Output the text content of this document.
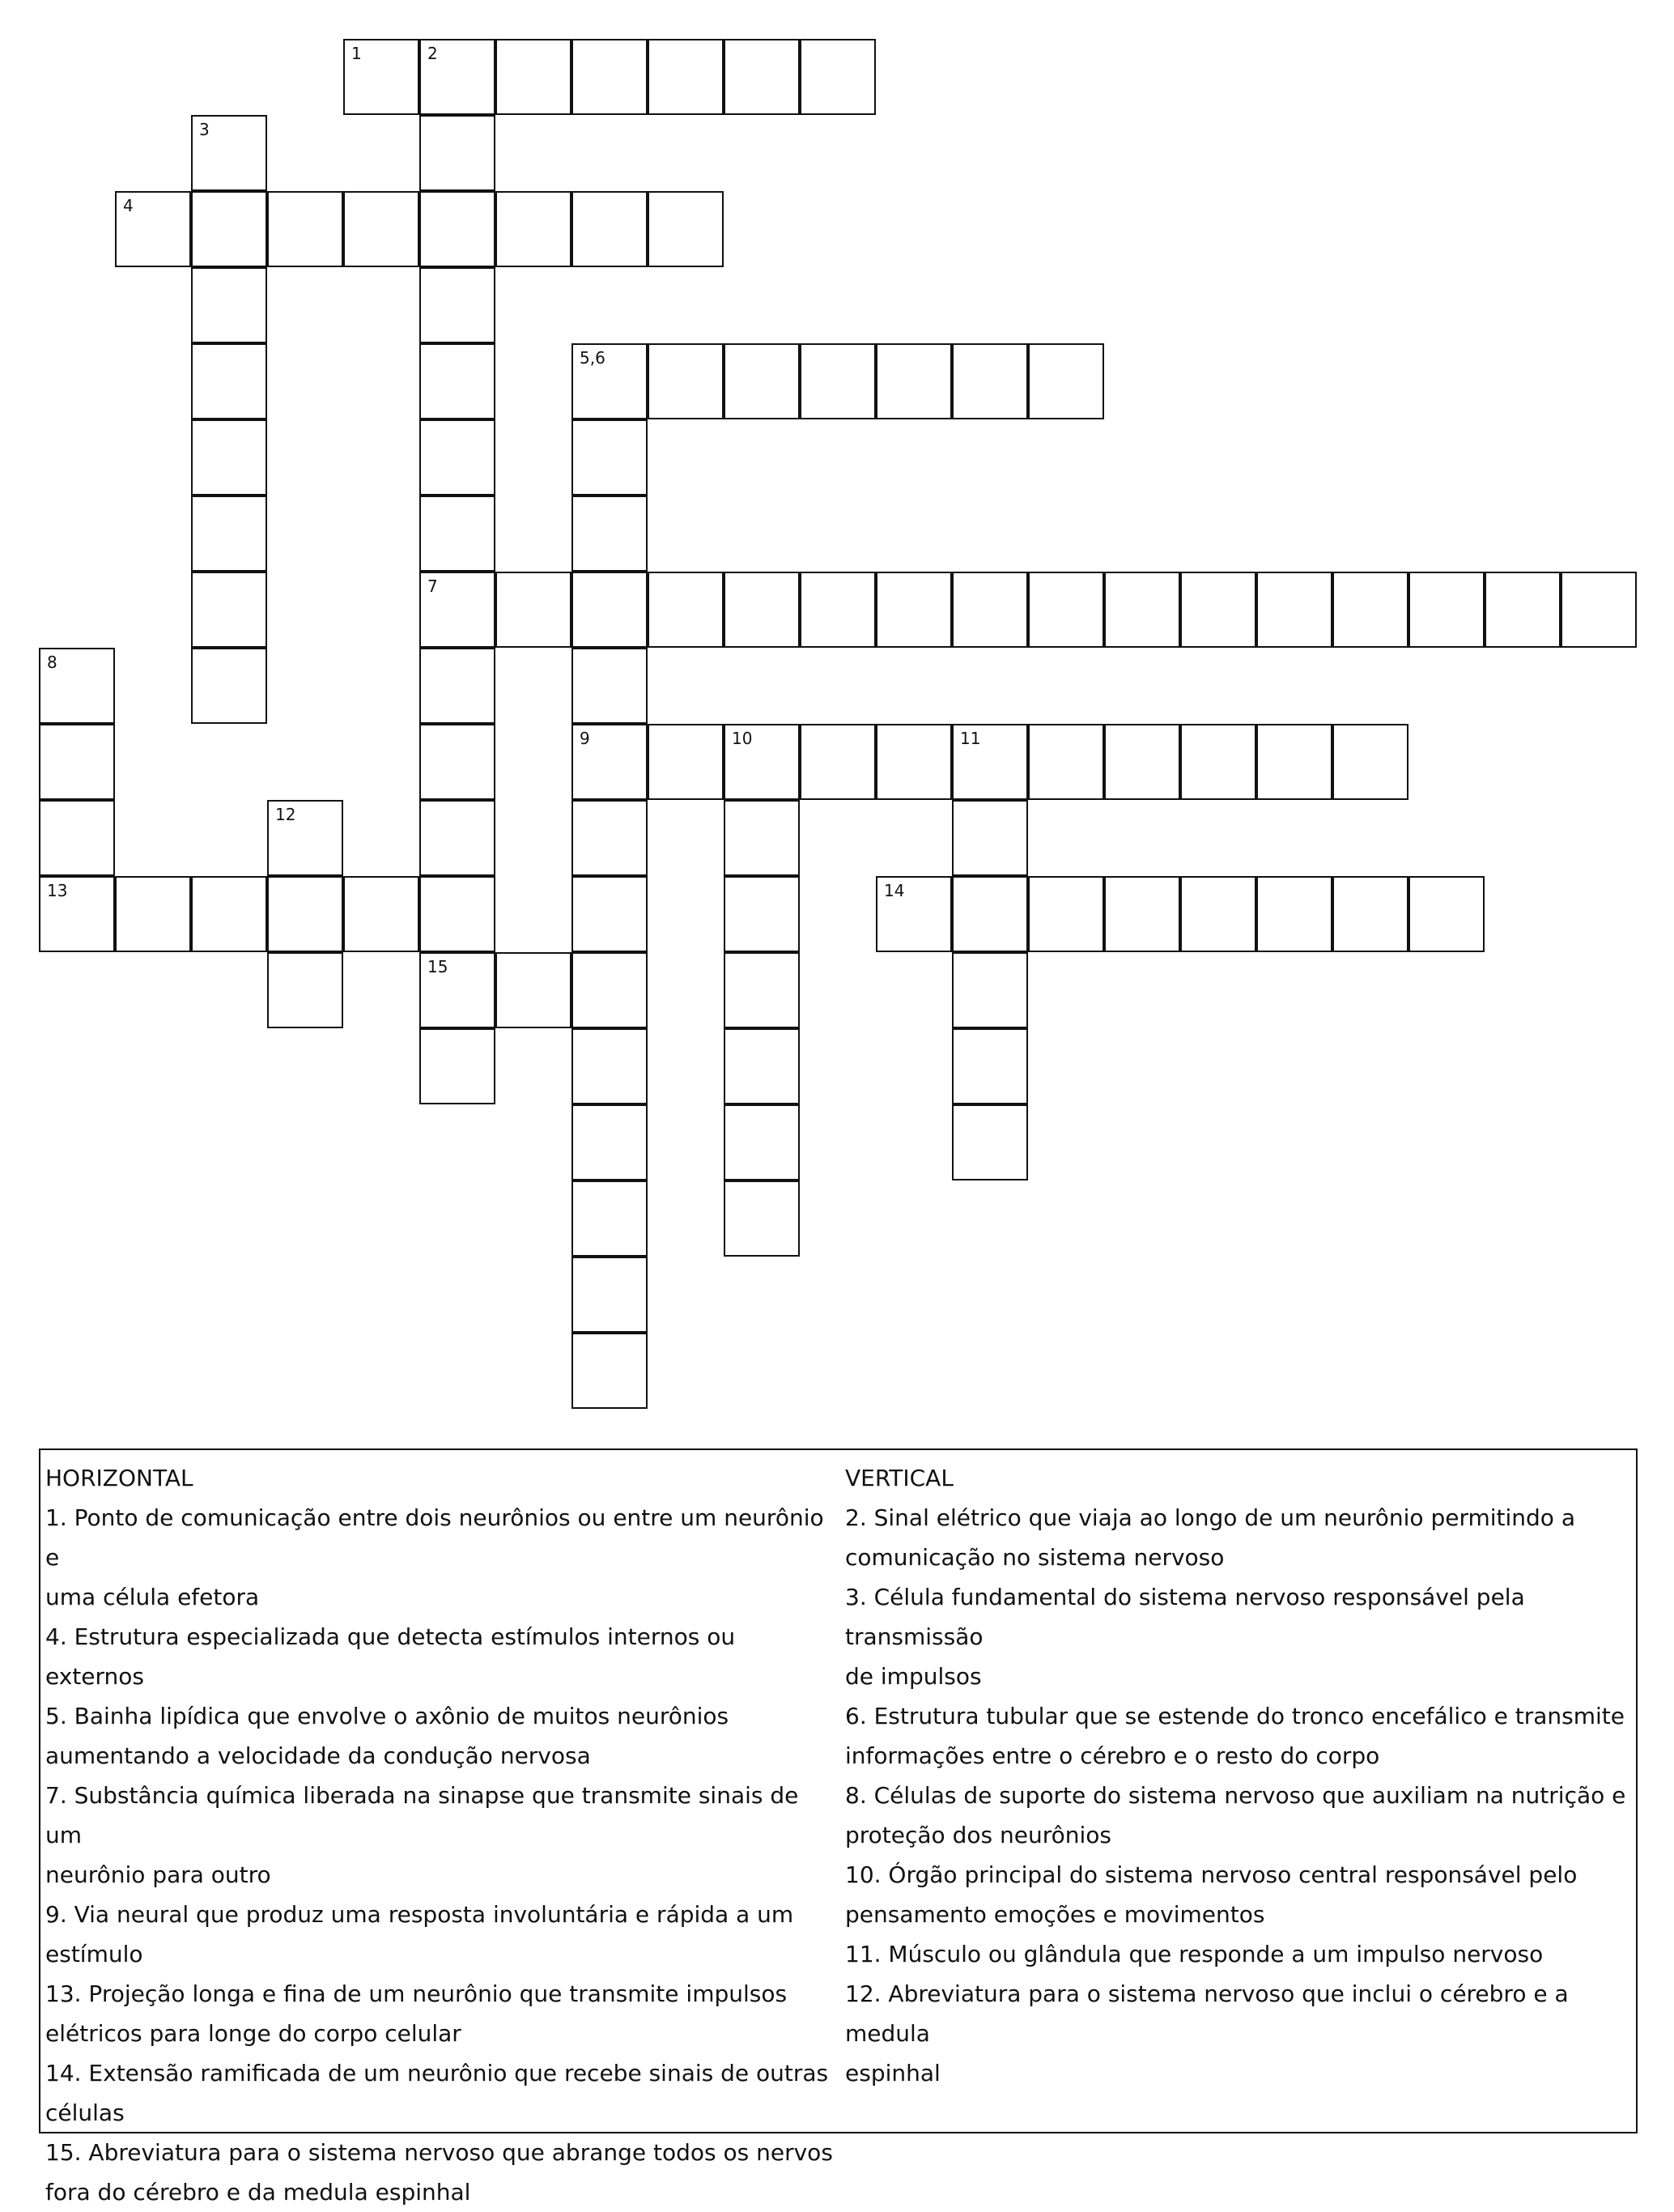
1	2
3
4
5,6
7
8
9	10	11
12
13	14
15
HORIZONTAL
1. Ponto de comunicação entre dois neurônios ou entre um neurônio e
uma célula efetora
4. Estrutura especializada que detecta estímulos internos ou externos
5. Bainha lipídica que envolve o axônio de muitos neurônios
aumentando a velocidade da condução nervosa
7. Substância química liberada na sinapse que transmite sinais de um
neurônio para outro
9. Via neural que produz uma resposta involuntária e rápida a um
estímulo
13. Projeção longa e fina de um neurônio que transmite impulsos
elétricos para longe do corpo celular
14. Extensão ramificada de um neurônio que recebe sinais de outras
células
15. Abreviatura para o sistema nervoso que abrange todos os nervos
fora do cérebro e da medula espinhal
VERTICAL
2. Sinal elétrico que viaja ao longo de um neurônio permitindo a
comunicação no sistema nervoso
3. Célula fundamental do sistema nervoso responsável pela transmissão
de impulsos
6. Estrutura tubular que se estende do tronco encefálico e transmite
informações entre o cérebro e o resto do corpo
8. Células de suporte do sistema nervoso que auxiliam na nutrição e
proteção dos neurônios
10. Órgão principal do sistema nervoso central responsável pelo
pensamento emoções e movimentos
11. Músculo ou glândula que responde a um impulso nervoso
12. Abreviatura para o sistema nervoso que inclui o cérebro e a medula
espinhal
